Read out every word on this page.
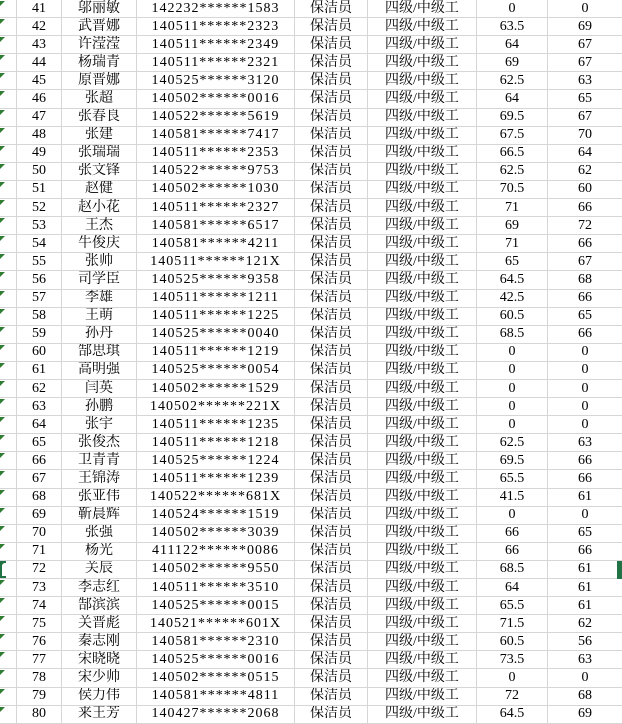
41	邬丽敏	142232******1583	保洁员	四级/中级工	0	0
42	武晋娜	140511******2323	保洁员	四级/中级工	63.5	69
43	许滢滢	140511******2349	保洁员	四级/中级工	64	67
44	杨瑞青	140511******2321	保洁员	四级/中级工	69	67
45	原晋娜	140525******3120	保洁员	四级/中级工	62.5	63
46	张超	140502******0016	保洁员	四级/中级工	64	65
47	张春良	140522******5619	保洁员	四级/中级工	69.5	67
48	张建	140581******7417	保洁员	四级/中级工	67.5	70
49	张瑞瑞	140511******2353	保洁员	四级/中级工	66.5	64
50	张文锋	140522******9753	保洁员	四级/中级工	62.5	62
51	赵健	140502******1030	保洁员	四级/中级工	70.5	60
52	赵小花	140511******2327	保洁员	四级/中级工	71	66
53	王杰	140581******6517	保洁员	四级/中级工	69	72
54	牛俊庆	140581******4211	保洁员	四级/中级工	71	66
55	张帅	140511******121X	保洁员	四级/中级工	65	67
56	司学臣	140525******9358	保洁员	四级/中级工	64.5	68
57	李雄	140511******1211	保洁员	四级/中级工	42.5	66
58	王萌	140511******1225	保洁员	四级/中级工	60.5	65
59	孙丹	140525******0040	保洁员	四级/中级工	68.5	66
60	郜思琪	140511******1219	保洁员	四级/中级工	0	0
61	高明强	140525******0054	保洁员	四级/中级工	0	0
62	闫英	140502******1529	保洁员	四级/中级工	0	0
63	孙鹏	140502******221X	保洁员	四级/中级工	0	0
64	张宇	140511******1235	保洁员	四级/中级工	0	0
65	张俊杰	140511******1218	保洁员	四级/中级工	62.5	63
66	卫青青	140525******1224	保洁员	四级/中级工	69.5	66
67	王锦涛	140511******1239	保洁员	四级/中级工	65.5	66
68	张亚伟	140522******681X	保洁员	四级/中级工	41.5	61
69	靳晨辉	140524******1519	保洁员	四级/中级工	0	0
70	张强	140502******3039	保洁员	四级/中级工	66	65
71	杨光	411122******0086	保洁员	四级/中级工	66	66
72	关辰	140502******9550	保洁员	四级/中级工	68.5	61
73	李志红	140511******3510	保洁员	四级/中级工	64	61
74	郜滨滨	140525******0015	保洁员	四级/中级工	65.5	61
75	关晋彪	140521******601X	保洁员	四级/中级工	71.5	62
76	秦志刚	140581******2310	保洁员	四级/中级工	60.5	56
77	宋晓晓	140525******0016	保洁员	四级/中级工	73.5	63
78	宋少帅	140502******0515	保洁员	四级/中级工	0	0
79	侯力伟	140581******4811	保洁员	四级/中级工	72	68
80	来王芳	140427******2068	保洁员	四级/中级工	64.5	69
